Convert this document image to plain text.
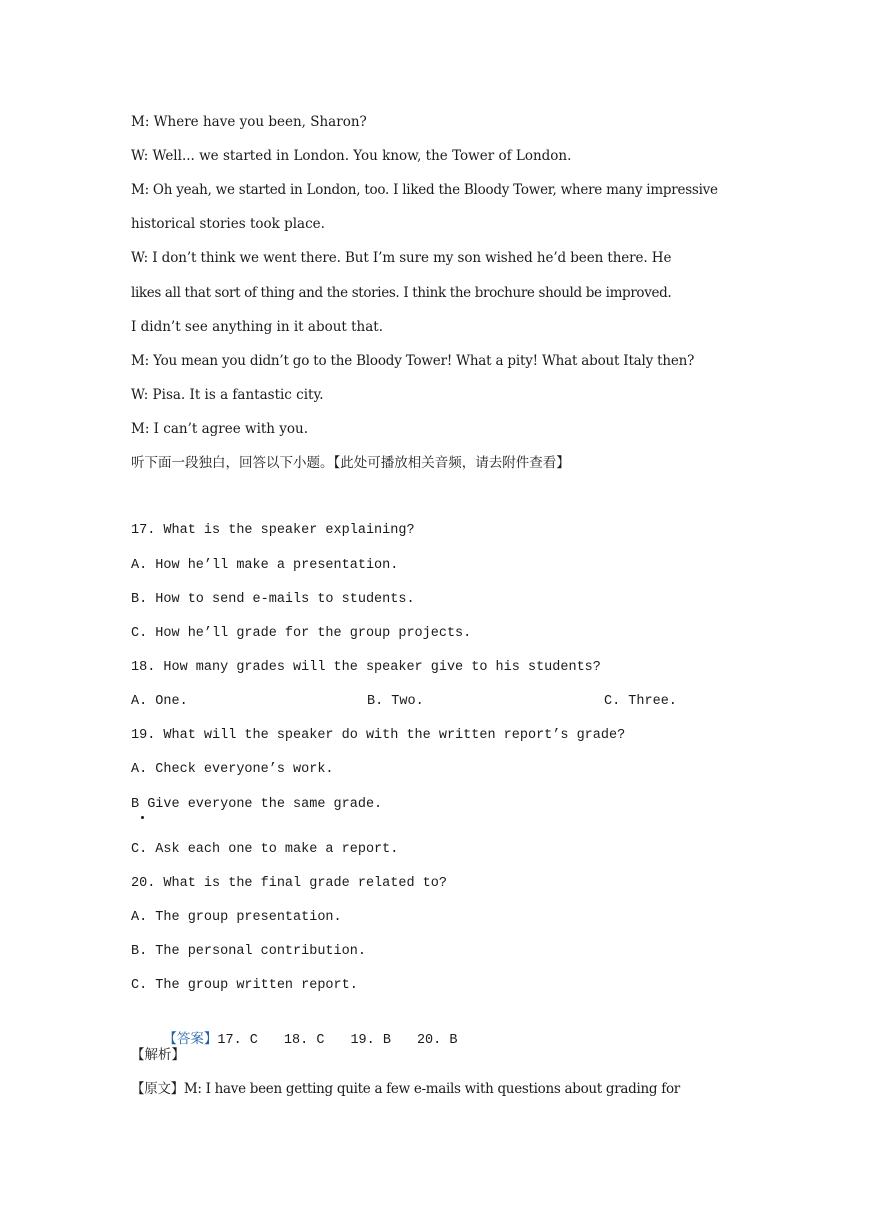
M: Where have you been, Sharon?
W: Well... we started in London. You know, the Tower of London.
M: Oh yeah, we started in London, too. I liked the Bloody Tower, where many impressive
historical stories took place.
W: I don’t think we went there. But I’m sure my son wished he’d been there. He
likes all that sort of thing and the stories. I think the brochure should be improved.
I didn’t see anything in it about that.
M: You mean you didn’t go to the Bloody Tower! What a pity! What about Italy then?
W: Pisa. It is a fantastic city.
M: I can’t agree with you.
听下面一段独白，回答以下小题。【此处可播放相关音频，请去附件查看】
17. What is the speaker explaining?
A. How he’ll make a presentation.
B. How to send e-mails to students.
C. How he’ll grade for the group projects.
18. How many grades will the speaker give to his students?
A. One.	B. Two.	C. Three.
19. What will the speaker do with the written report’s grade?
A. Check everyone’s work.
B Give everyone the same grade.
C. Ask each one to make a report.
20. What is the final grade related to?
A. The group presentation.
B. The personal contribution.
C. The group written report.

【答案】17. C 18. C 19. B 20. B

【解析】
【原文】M: I have been getting quite a few e-mails with questions about grading for
